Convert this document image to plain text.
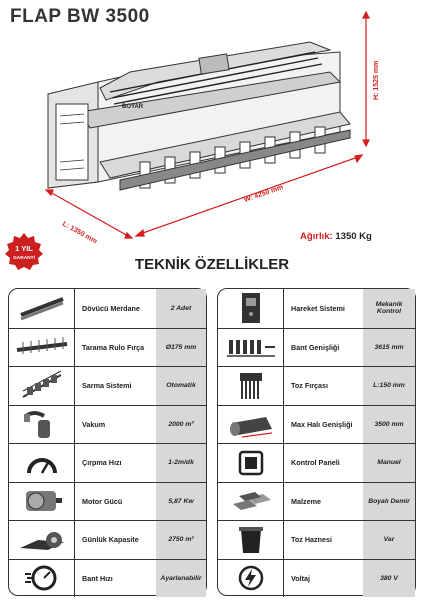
FLAP BW 3500
H: 1525 mm
W: 4250 mm
L: 1350 mm
BOYAR
Ağırlık: 1350 Kg
1 YIL
GARANTİ	TEKNİK ÖZELLİKLER
Dövücü Merdane	2 Adet
Tarama Rulo Fırça	Ø175 mm
Sarma Sistemi	Otomatik
Vakum	2000 m³
Çırpma Hızı	1-2m/dk
Motor Gücü	5,87 Kw
Günlük Kapasite	2750 m²
Bant Hızı	Ayarlanabilir
Hareket Sistemi	Mekanik Kontrol
Bant Genişliği	3615 mm
Toz Fırçası	L:150 mm
Max Halı Genişliği	3500 mm
Kontrol Paneli	Manuel
Malzeme	Boyalı Demir
Toz Haznesi	Var
Voltaj	380 V
